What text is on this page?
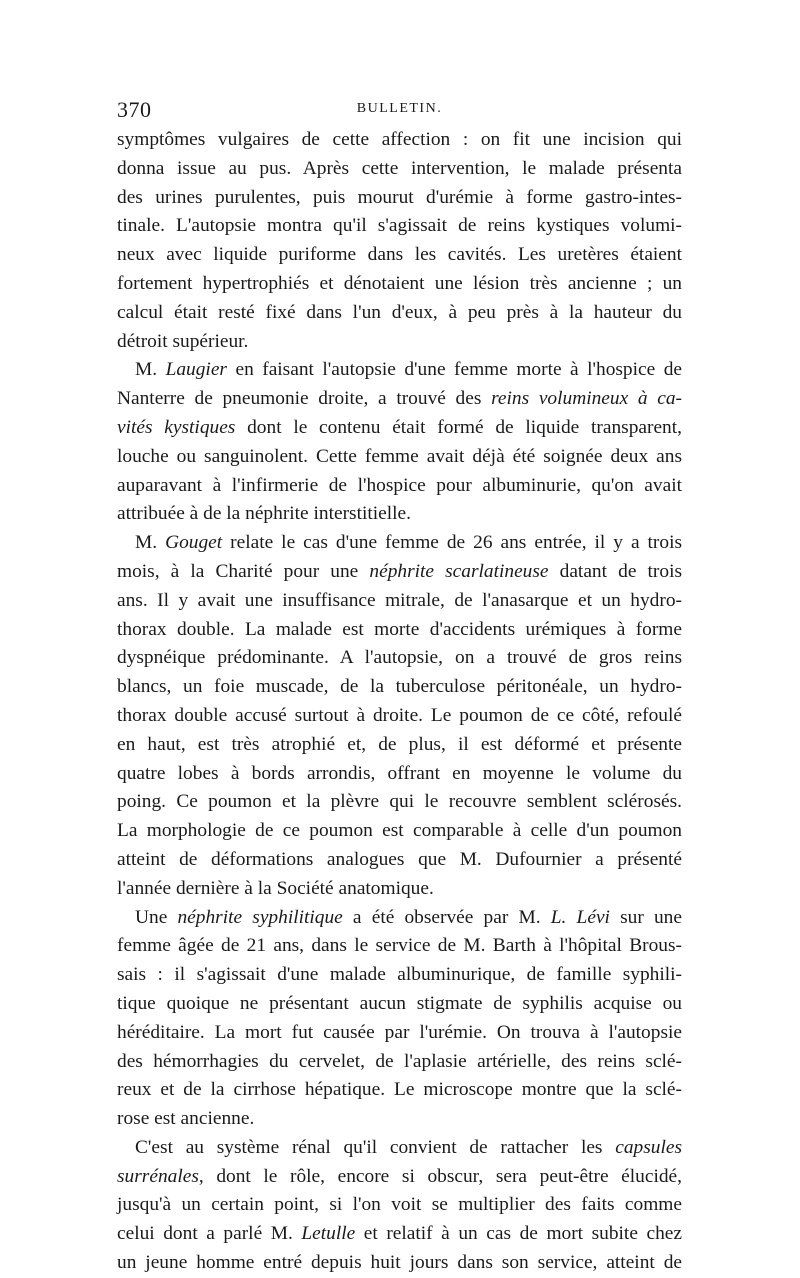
370	BULLETIN.
symptômes vulgaires de cette affection : on fit une incision qui
donna issue au pus. Après cette intervention, le malade présenta
des urines purulentes, puis mourut d'urémie à forme gastro-intes-
tinale. L'autopsie montra qu'il s'agissait de reins kystiques volumi-
neux avec liquide puriforme dans les cavités. Les uretères étaient
fortement hypertrophiés et dénotaient une lésion très ancienne ; un
calcul était resté fixé dans l'un d'eux, à peu près à la hauteur du
détroit supérieur.
M. Laugier en faisant l'autopsie d'une femme morte à l'hospice de
Nanterre de pneumonie droite, a trouvé des reins volumineux à ca-
vités kystiques dont le contenu était formé de liquide transparent,
louche ou sanguinolent. Cette femme avait déjà été soignée deux ans
auparavant à l'infirmerie de l'hospice pour albuminurie, qu'on avait
attribuée à de la néphrite interstitielle.
M. Gouget relate le cas d'une femme de 26 ans entrée, il y a trois
mois, à la Charité pour une néphrite scarlatineuse datant de trois
ans. Il y avait une insuffisance mitrale, de l'anasarque et un hydro-
thorax double. La malade est morte d'accidents urémiques à forme
dyspnéique prédominante. A l'autopsie, on a trouvé de gros reins
blancs, un foie muscade, de la tuberculose péritonéale, un hydro-
thorax double accusé surtout à droite. Le poumon de ce côté, refoulé
en haut, est très atrophié et, de plus, il est déformé et présente
quatre lobes à bords arrondis, offrant en moyenne le volume du
poing. Ce poumon et la plèvre qui le recouvre semblent sclérosés.
La morphologie de ce poumon est comparable à celle d'un poumon
atteint de déformations analogues que M. Dufournier a présenté
l'année dernière à la Société anatomique.
Une néphrite syphilitique a été observée par M. L. Lévi sur une
femme âgée de 21 ans, dans le service de M. Barth à l'hôpital Brous-
sais : il s'agissait d'une malade albuminurique, de famille syphili-
tique quoique ne présentant aucun stigmate de syphilis acquise ou
héréditaire. La mort fut causée par l'urémie. On trouva à l'autopsie
des hémorrhagies du cervelet, de l'aplasie artérielle, des reins sclé-
reux et de la cirrhose hépatique. Le microscope montre que la sclé-
rose est ancienne.
C'est au système rénal qu'il convient de rattacher les capsules
surrénales, dont le rôle, encore si obscur, sera peut-être élucidé,
jusqu'à un certain point, si l'on voit se multiplier des faits comme
celui dont a parlé M. Letulle et relatif à un cas de mort subite chez
un jeune homme entré depuis huit jours dans son service, atteint de
